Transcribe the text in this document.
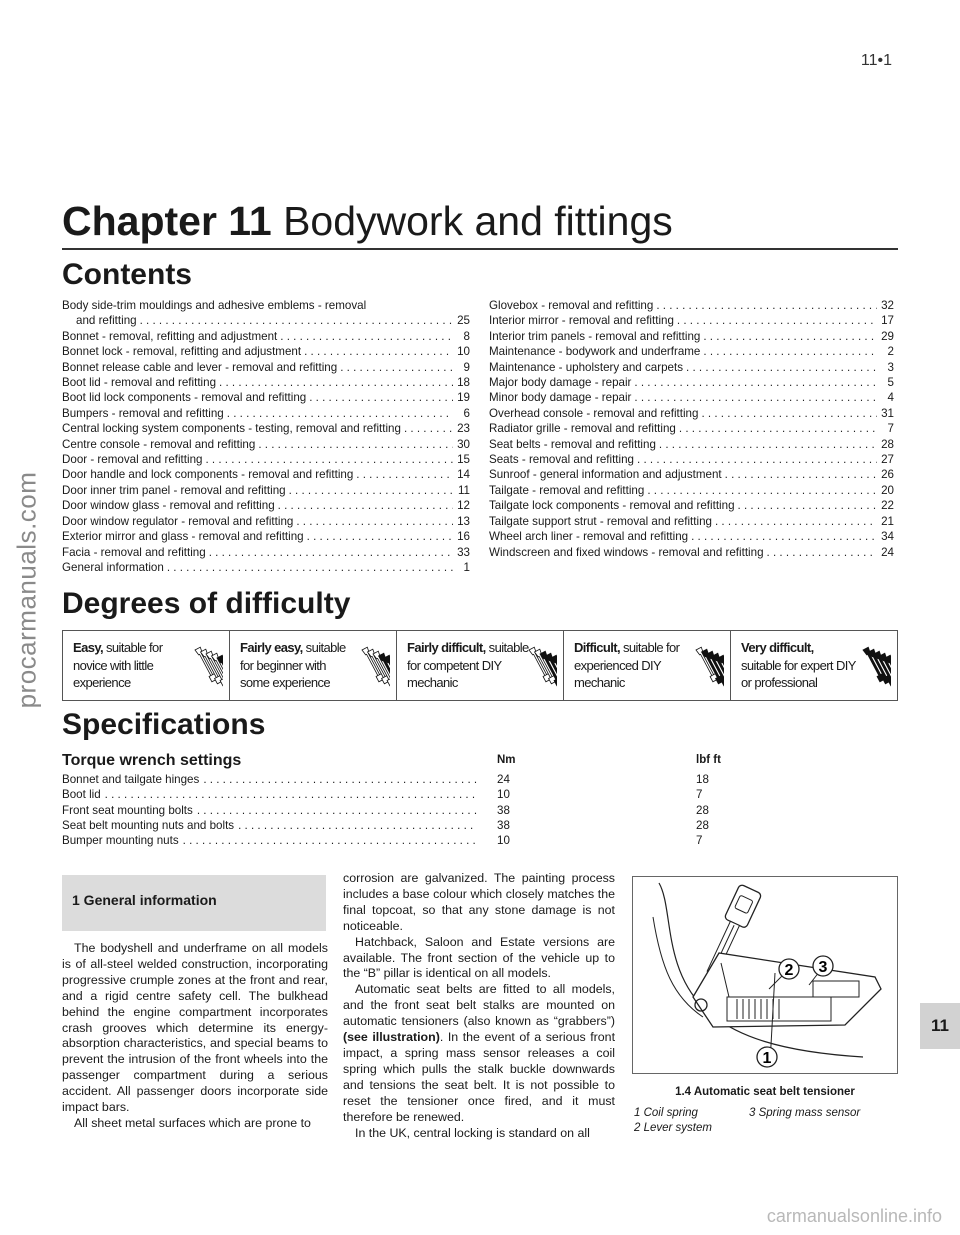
procarmanuals.com
11•1
Chapter 11 Bodywork and fittings
Contents
Body side-trim mouldings and adhesive emblems - removal
and refitting . . .	25
Bonnet - removal, refitting and adjustment . . .	8
Bonnet lock - removal, refitting and adjustment . . .	10
Bonnet release cable and lever - removal and refitting . . .	9
Boot lid - removal and refitting . . .	18
Boot lid lock components - removal and refitting . . .	19
Bumpers - removal and refitting . . .	6
Central locking system components - testing, removal and refitting . . .	23
Centre console - removal and refitting . . .	30
Door - removal and refitting . . .	15
Door handle and lock components - removal and refitting . . .	14
Door inner trim panel - removal and refitting . . .	11
Door window glass - removal and refitting . . .	12
Door window regulator - removal and refitting . . .	13
Exterior mirror and glass - removal and refitting . . .	16
Facia - removal and refitting . . .	33
General information . . .	1
Glovebox - removal and refitting . . .	32
Interior mirror - removal and refitting . . .	17
Interior trim panels - removal and refitting . . .	29
Maintenance - bodywork and underframe . . .	2
Maintenance - upholstery and carpets . . .	3
Major body damage - repair . . .	5
Minor body damage - repair . . .	4
Overhead console - removal and refitting . . .	31
Radiator grille - removal and refitting . . .	7
Seat belts - removal and refitting . . .	28
Seats - removal and refitting . . .	27
Sunroof - general information and adjustment . . .	26
Tailgate - removal and refitting . . .	20
Tailgate lock components - removal and refitting . . .	22
Tailgate support strut - removal and refitting . . .	21
Wheel arch liner - removal and refitting . . .	34
Windscreen and fixed windows - removal and refitting . . .	24
Degrees of difficulty
Easy, suitable for
novice with little
experience
Fairly easy, suitable
for beginner with
some experience
Fairly difficult, suitable
for competent DIY
mechanic
Difficult, suitable for
experienced DIY
mechanic
Very difficult,
suitable for expert DIY
or professional
Specifications
Torque wrench settings	Nm	lbf ft
Bonnet and tailgate hinges . . .	24	18
Boot lid . . .	10	7
Front seat mounting bolts . . .	38	28
Seat belt mounting nuts and bolts . . .	38	28
Bumper mounting nuts . . .	10	7
1 General information

The bodyshell and underframe on all models is of all-steel welded construction, incorporating progressive crumple zones at the front and rear, and a rigid centre safety cell. The bulkhead behind the engine compartment incorporates crash grooves which determine its energy-absorption characteristics, and special beams to prevent the intrusion of the front wheels into the passenger compartment during a serious accident. All passenger doors incorporate side impact bars.

All sheet metal surfaces which are prone to

corrosion are galvanized. The painting process includes a base colour which closely matches the final topcoat, so that any stone damage is not noticeable.

Hatchback, Saloon and Estate versions are available. The front section of the vehicle up to the “B” pillar is identical on all models.

Automatic seat belts are fitted to all models, and the front seat belt stalks are mounted on automatic tensioners (also known as “grabbers”) (see illustration). In the event of a serious front impact, a spring mass sensor releases a coil spring which pulls the stalk buckle downwards and tensions the seat belt. It is not possible to reset the tensioner once fired, and it must therefore be renewed.

In the UK, central locking is standard on all

1
2 3
1.4 Automatic seat belt tensioner
1 Coil spring	3 Spring mass sensor
2 Lever system
11
carmanualsonline.info
